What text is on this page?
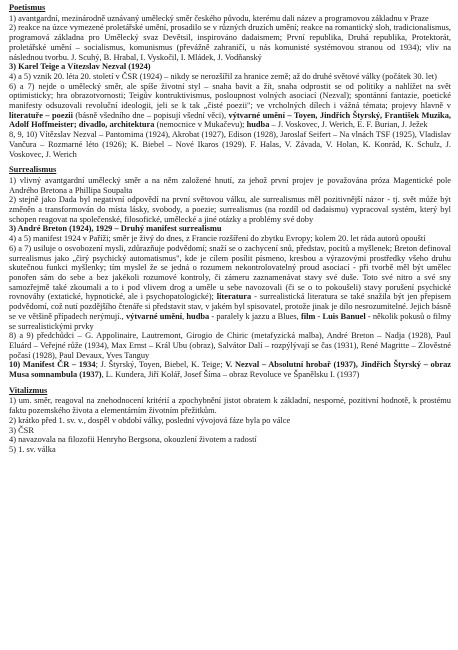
Poetismus
1) avantgardní, mezinárodně uznávaný umělecký směr českého původu, kterému dali název a programovou základnu v Praze
2) reakce na úzce vymezené proletářské umění, prosadilo se v různých druzích umění; reakce na romantický sloh, tradicionalismus, programová základna pro Umělecký svaz Devětsil, inspirováno dadaismem; První republika, Druhá republika, Protektorát, proletářské umění – socialismus, komunismus (převážně zahraničí, u nás komunisté systémovou stranou od 1934); vliv na následnou tvorbu. J. Scuhý, B. Hrabal, I. Vyskočil, I. Mládek, J. Vodňanský
3) Karel Teige a Vítezslav Nezval (1924)
4) a 5) vznik 20. léta 20. století v ČSR (1924) – nikdy se nerozšířil za hranice země; až do druhé světové války (počátek 30. let)
6) a 7) nejde o umělecký směr, ale spíše životní styl – snaha bavit a žít, snaha odprostit se od politiky a nahlížet na svět optimisticky; hra obrazotvornosti; Teigův kontruktivismus, posloupnost volných asociací (Nezval); spontánní fantazie, poetické manifesty odsuzovali revoluční ideologii, jeli se k tak „čisté poezii"; ve vrcholných dílech i vážná témata; projevy hlavně v literatuře – poezii (básně všedního dne – popisují všední věci), výtvarné umění – Toyen, Jindřich Štyrský, František Muzika, Adolf Hoffmeister; divadlo, architektura (nemocnice v Mukačevu); hudba – J. Voskovec, J. Werich, E. F. Burian, J. Ježek
8, 9, 10) Vítězslav Nezval – Pantomima (1924), Akrobat (1927), Edison (1928), Jaroslaf Seifert – Na vlnách TSF (1925), Vladislav Vančura – Rozmarné léto (1926); K. Biebel – Nové Ikaros (1929). F. Halas, V. Závada, V. Holan, K. Konrád, K. Schulz, J. Voskovec, J. Werich
Surrealismus
1) vlivný avantgardní umělecký směr a na něm založené hnutí, za jehož první projev je považována próza Magentické pole Andrého Bretona a Phillipa Soupalta
2) stejně jako Dada byl negativní odpovědí na první světovou válku, ale surrealismus měl pozitivnější názor - tj. svět může být změněn a transformován do místa lásky, svobody, a poezie; surrealismus (na rozdíl od dadaismu) vypracoval systém, který byl schopen reagovat na společenské, filosofické, umělecké a jiné otázky a problémy své doby
3) André Breton (1924), 1929 – Druhý manifest surrealismu
4) a 5) manifest 1924 v Paříži; směr je živý do dnes, z Francie rozšíření do zbytku Evropy; kolem 20. let ráda autorů opouští
6) a 7) usiluje o osvobození mysli, zdůrazňuje podvědomí; snaží se o zachycení snů, představ, pocitů a myšlenek; Breton definoval surrealismus jako „čirý psychický automatismus", kde je cílem posílit písmeno, kresbou a výrazovými prostředky všeho druhu skutečnou funkci myšlenky; tím myslel že se jedná o rozumem nekontrolovatelný proud asociací - při tvorbě měl být umělec ponořen sám do sebe a bez jakékoli rozumové kontroly, či zámeru zaznamenávat stavy své duše. Toto své nitro a své sny samozřejmě také zkoumali a to i pod vlivem drog a uměle u sebe navozovali (či se o to pokoušeli) stavy porušení psychické rovnováhy (extatické, hypnotické, ale i psychopatologické); literatura - surrealistická literatura se také snažila být jen přepisem podvědomí, což nutí pozdějšího čtenáře si představit stav, v jakém byl spisovatel, protože jinak je dílo nesrozumitelné. Jejich básně se ve většině případech nerýmují., výtvarné umění, hudba - paralely k jazzu a Blues, film - Luis Banuel - několik pokusů o filmy se surrealistickými prvky
8) a 9) předchůdci – G. Appolinaire, Lautremont, Girogio de Chiric (metafyzická malba), André Breton – Nadja (1928), Paul Eluárd – Veřejné růže (1934), Max Ernst – Král Ubu (obraz), Salvátor Dalí – rozpýlývají se čas (1931), René Magritte – Zlověstné počasí (1928), Paul Devaux, Yves Tanguy
10) Manifest ČR – 1934; J. Štyrský, Toyen, Biebel, K. Teige; V. Nezval – Absolutní hrobař (1937), Jindřich Štyrský – obraz Musa somnambula (1937), L. Kundera, Jiří Kolář, Josef Šíma – obraz Revoluce ve Španělsku I. (1937)
Vitalizmus
1) um. směr, reagoval na znehodnocení kritérií a zpochybnění jistot obratem k základní, nesporné, pozitivní hodnotě, k prostému faktu pozemského života a elementárním životním přežitkům.
2) krátko před 1. sv. v., dospěl v období války, poslední vývojová fáze byla po válce
3) ČSR
4) navazovala na filozofii Henryho Bergsona, okouzlení životem a radostí
5) 1. sv. válka
